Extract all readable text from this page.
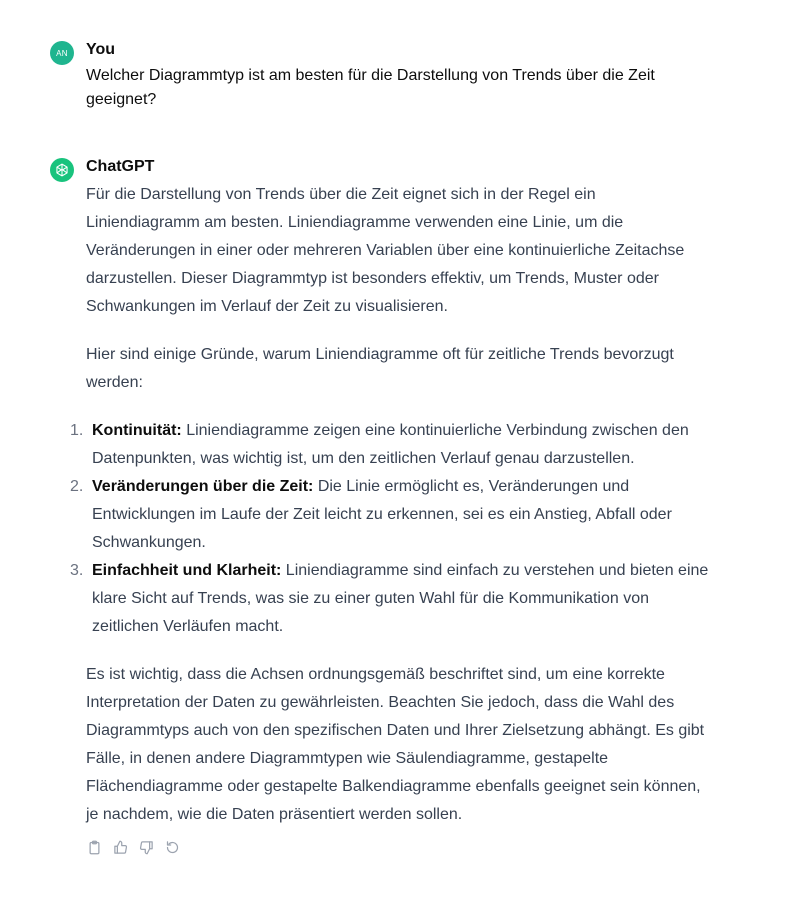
AN You
Welcher Diagrammtyp ist am besten für die Darstellung von Trends über die Zeit geeignet?
ChatGPT

Für die Darstellung von Trends über die Zeit eignet sich in der Regel ein Liniendiagramm am besten. Liniendiagramme verwenden eine Linie, um die Veränderungen in einer oder mehreren Variablen über eine kontinuierliche Zeitachse darzustellen. Dieser Diagrammtyp ist besonders effektiv, um Trends, Muster oder Schwankungen im Verlauf der Zeit zu visualisieren.

Hier sind einige Gründe, warum Liniendiagramme oft für zeitliche Trends bevorzugt werden:

1. Kontinuität: Liniendiagramme zeigen eine kontinuierliche Verbindung zwischen den Datenpunkten, was wichtig ist, um den zeitlichen Verlauf genau darzustellen.
2. Veränderungen über die Zeit: Die Linie ermöglicht es, Veränderungen und Entwicklungen im Laufe der Zeit leicht zu erkennen, sei es ein Anstieg, Abfall oder Schwankungen.
3. Einfachheit und Klarheit: Liniendiagramme sind einfach zu verstehen und bieten eine klare Sicht auf Trends, was sie zu einer guten Wahl für die Kommunikation von zeitlichen Verläufen macht.

Es ist wichtig, dass die Achsen ordnungsgemäß beschriftet sind, um eine korrekte Interpretation der Daten zu gewährleisten. Beachten Sie jedoch, dass die Wahl des Diagrammtyps auch von den spezifischen Daten und Ihrer Zielsetzung abhängt. Es gibt Fälle, in denen andere Diagrammtypen wie Säulendiagramme, gestapelte Flächendiagramme oder gestapelte Balkendiagramme ebenfalls geeignet sein können, je nachdem, wie die Daten präsentiert werden sollen.
